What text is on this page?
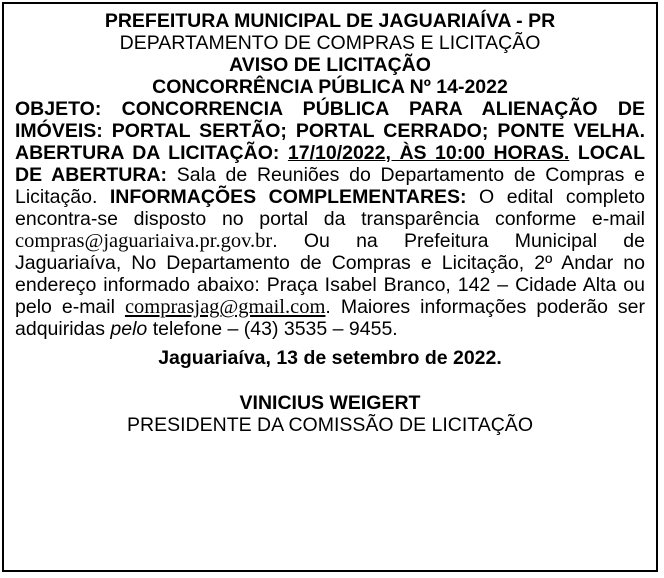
PREFEITURA MUNICIPAL DE JAGUARIAÍVA - PR
DEPARTAMENTO DE COMPRAS E LICITAÇÃO
AVISO DE LICITAÇÃO
CONCORRÊNCIA PÚBLICA Nº 14-2022

OBJETO: CONCORRENCIA PÚBLICA PARA ALIENAÇÃO DE IMÓVEIS: PORTAL SERTÃO; PORTAL CERRADO; PONTE VELHA. ABERTURA DA LICITAÇÃO: 17/10/2022, ÀS 10:00 HORAS. LOCAL DE ABERTURA: Sala de Reuniões do Departamento de Compras e Licitação. INFORMAÇÕES COMPLEMENTARES: O edital completo encontra-se disposto no portal da transparência conforme e-mail compras@jaguariaiva.pr.gov.br. Ou na Prefeitura Municipal de Jaguariaíva, No Departamento de Compras e Licitação, 2º Andar no endereço informado abaixo: Praça Isabel Branco, 142 – Cidade Alta ou pelo e-mail comprasjag@gmail.com. Maiores informações poderão ser adquiridas pelo telefone – (43) 3535 – 9455.

Jaguariaíva, 13 de setembro de 2022.
VINICIUS WEIGERT
PRESIDENTE DA COMISSÃO DE LICITAÇÃO
